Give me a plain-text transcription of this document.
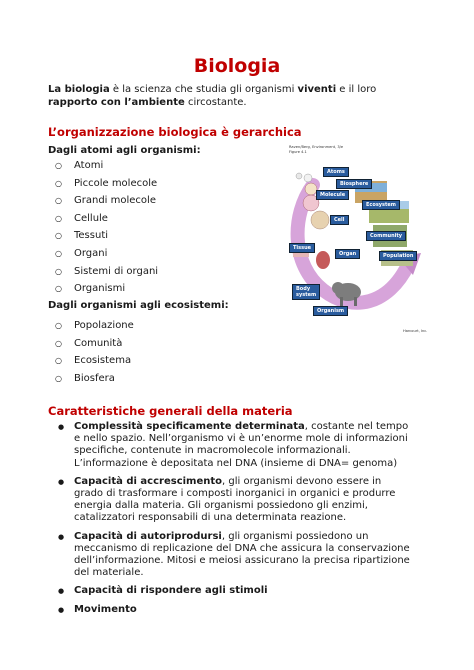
Biologia

La biologia è la scienza che studia gli organismi viventi e il loro rapporto con l’ambiente circostante.

L’organizzazione biologica è gerarchica
Dagli atomi agli organismi:
○ Atomi
○ Piccole molecole
○ Grandi molecole
○ Cellule
○ Tessuti
○ Organi
○ Sistemi di organi
○ Organismi
Dagli organismi agli ecosistemi:
○ Popolazione
○ Comunità
○ Ecosistema
○ Biosfera
Raven/Berg, Environment, 3/e
Figure 4.1
Atoms
Biosphere
Molecule
Ecosystem
Cell
Community
Tissue
Organ	Population
Body
system
Organism
Harcourt, Inc.
Caratteristiche generali della materia
● Complessità specificamente determinata, costante nel tempo e nello spazio. Nell’organismo vi è un’enorme mole di informazioni specifiche, contenute in macromolecole informazionali. L’informazione è depositata nel DNA (insieme di DNA= genoma)
● Capacità di accrescimento, gli organismi devono essere in grado di trasformare i composti inorganici in organici e produrre energia dalla materia. Gli organismi possiedono gli enzimi, catalizzatori responsabili di una determinata reazione.
● Capacità di autoriprodursi, gli organismi possiedono un meccanismo di replicazione del DNA che assicura la conservazione dell’informazione. Mitosi e meiosi assicurano la precisa ripartizione del materiale.
● Capacità di rispondere agli stimoli
● Movimento
